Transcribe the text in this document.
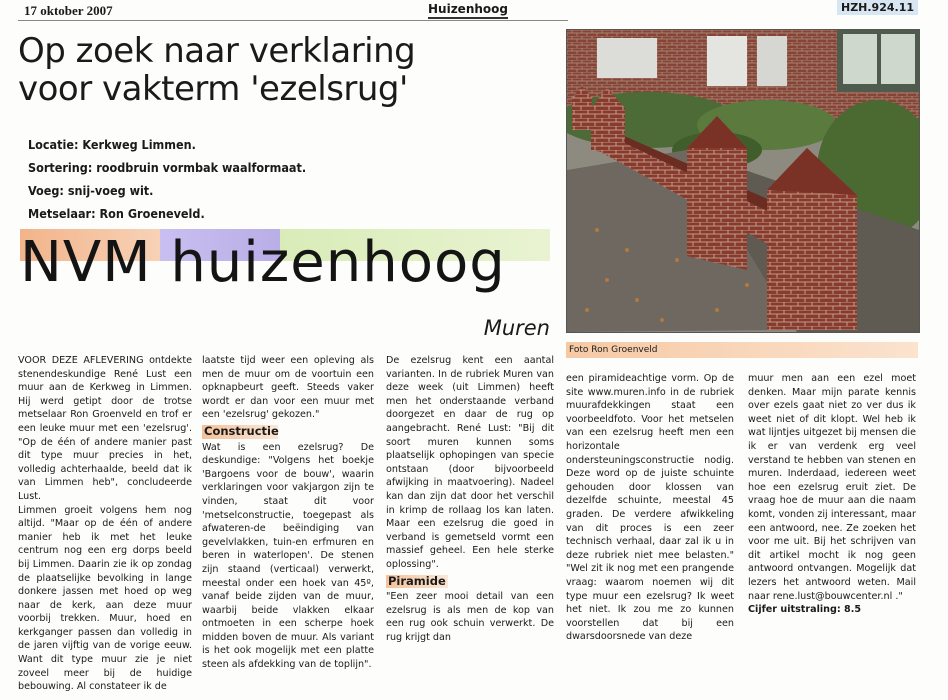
17 oktober 2007	Huizenhoog	HZH.924.11
Op zoek naar verklaring
voor vakterm 'ezelsrug'
Locatie: Kerkweg Limmen.
Sortering: roodbruin vormbak waalformaat.
Voeg: snij-voeg wit.
Metselaar: Ron Groeneveld.
NVM huizenhoog
Muren
Foto Ron Groenveld

VOOR DEZE AFLEVERING ontdekte stenendeskundige René Lust een muur aan de Kerkweg in Limmen. Hij werd getipt door de trotse metselaar Ron Groenveld en trof er een leuke muur met een 'ezelsrug'. "Op de één of andere manier past dit type muur precies in het, volledig achterhaalde, beeld dat ik van Limmen heb", concludeerde Lust.

Limmen groeit volgens hem nog altijd. "Maar op de één of andere manier heb ik met het leuke centrum nog een erg dorps beeld bij Limmen. Daarin zie ik op zondag de plaatselijke bevolking in lange donkere jassen met hoed op weg naar de kerk, aan deze muur voorbij trekken. Muur, hoed en kerkganger passen dan volledig in de jaren vijftig van de vorige eeuw. Want dit type muur zie je niet zoveel meer bij de huidige bebouwing. Al constateer ik de

laatste tijd weer een opleving als men de muur om de voortuin een opknapbeurt geeft. Steeds vaker wordt er dan voor een muur met een 'ezelsrug' gekozen."

Constructie

Wat is een ezelsrug? De deskundige: "Volgens het boekje 'Bargoens voor de bouw', waarin verklaringen voor vakjargon zijn te vinden, staat dit voor 'metselconstructie, toegepast als afwateren-de beëindiging van gevelvlakken, tuin-en erfmuren en beren in waterlopen'. De stenen zijn staand (verticaal) verwerkt, meestal onder een hoek van 45º, vanaf beide zijden van de muur, waarbij beide vlakken elkaar ontmoeten in een scherpe hoek midden boven de muur. Als variant is het ook mogelijk met een platte steen als afdekking van de toplijn".

De ezelsrug kent een aantal varianten. In de rubriek Muren van deze week (uit Limmen) heeft men het onderstaande verband doorgezet en daar de rug op aangebracht. René Lust: "Bij dit soort muren kunnen soms plaatselijk ophopingen van specie ontstaan (door bijvoorbeeld afwijking in maatvoering). Nadeel kan dan zijn dat door het verschil in krimp de rollaag los kan laten. Maar een ezelsrug die goed in verband is gemetseld vormt een massief geheel. Een hele sterke oplossing".

Piramide

"Een zeer mooi detail van een ezelsrug is als men de kop van een rug ook schuin verwerkt. De rug krijgt dan

een piramideachtige vorm. Op de site www.muren.info in de rubriek muurafdekkingen staat een voorbeeldfoto. Voor het metselen van een ezelsrug heeft men een horizontale ondersteuningsconstructie nodig. Deze word op de juiste schuinte gehouden door klossen van dezelfde schuinte, meestal 45 graden. De verdere afwikkeling van dit proces is een zeer technisch verhaal, daar zal ik u in deze rubriek niet mee belasten." "Wel zit ik nog met een prangende vraag: waarom noemen wij dit type muur een ezelsrug? Ik weet het niet. Ik zou me zo kunnen voorstellen dat bij een dwarsdoorsnede van deze

muur men aan een ezel moet denken. Maar mijn parate kennis over ezels gaat niet zo ver dus ik weet niet of dit klopt. Wel heb ik wat lijntjes uitgezet bij mensen die ik er van verdenk erg veel verstand te hebben van stenen en muren. Inderdaad, iedereen weet hoe een ezelsrug eruit ziet. De vraag hoe de muur aan die naam komt, vonden zij interessant, maar een antwoord, nee. Ze zoeken het voor me uit. Bij het schrijven van dit artikel mocht ik nog geen antwoord ontvangen. Mogelijk dat lezers het antwoord weten. Mail naar rene.lust@bouwcenter.nl ."

Cijfer uitstraling: 8.5
